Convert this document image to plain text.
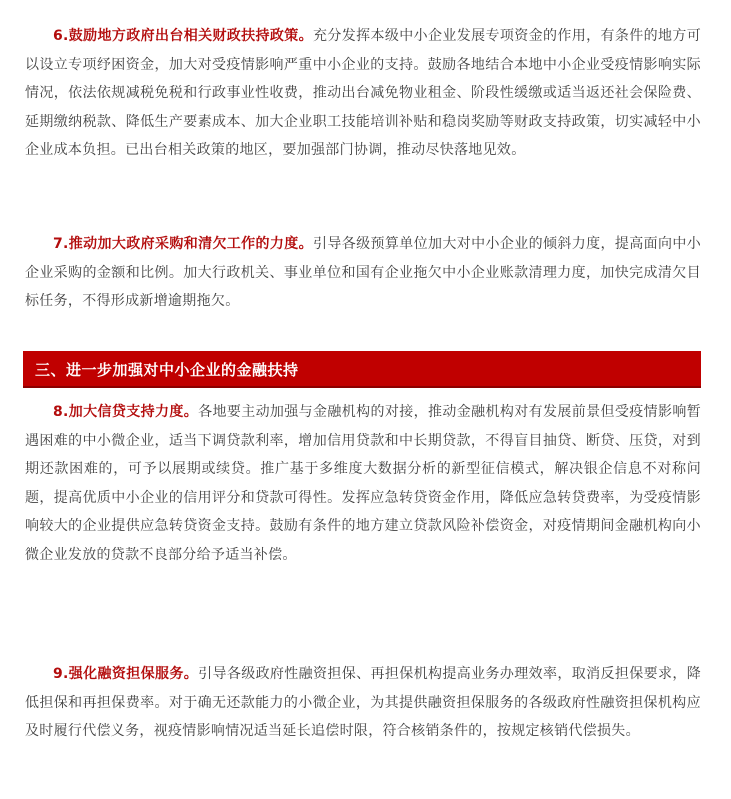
6.鼓励地方政府出台相关财政扶持政策。充分发挥本级中小企业发展专项资金的作用，有条件的地方可以设立专项纾困资金，加大对受疫情影响严重中小企业的支持。鼓励各地结合本地中小企业受疫情影响实际情况，依法依规减税免税和行政事业性收费，推动出台减免物业租金、阶段性缓缴或适当返还社会保险费、延期缴纳税款、降低生产要素成本、加大企业职工技能培训补贴和稳岗奖励等财政支持政策，切实减轻中小企业成本负担。已出台相关政策的地区，要加强部门协调，推动尽快落地见效。

7.推动加大政府采购和清欠工作的力度。引导各级预算单位加大对中小企业的倾斜力度，提高面向中小企业采购的金额和比例。加大行政机关、事业单位和国有企业拖欠中小企业账款清理力度，加快完成清欠目标任务，不得形成新增逾期拖欠。

三、进一步加强对中小企业的金融扶持

8.加大信贷支持力度。各地要主动加强与金融机构的对接，推动金融机构对有发展前景但受疫情影响暂遇困难的中小微企业，适当下调贷款利率，增加信用贷款和中长期贷款，不得盲目抽贷、断贷、压贷，对到期还款困难的，可予以展期或续贷。推广基于多维度大数据分析的新型征信模式，解决银企信息不对称问题，提高优质中小企业的信用评分和贷款可得性。发挥应急转贷资金作用，降低应急转贷费率，为受疫情影响较大的企业提供应急转贷资金支持。鼓励有条件的地方建立贷款风险补偿资金，对疫情期间金融机构向小微企业发放的贷款不良部分给予适当补偿。

9.强化融资担保服务。引导各级政府性融资担保、再担保机构提高业务办理效率，取消反担保要求，降低担保和再担保费率。对于确无还款能力的小微企业，为其提供融资担保服务的各级政府性融资担保机构应及时履行代偿义务，视疫情影响情况适当延长追偿时限，符合核销条件的，按规定核销代偿损失。
